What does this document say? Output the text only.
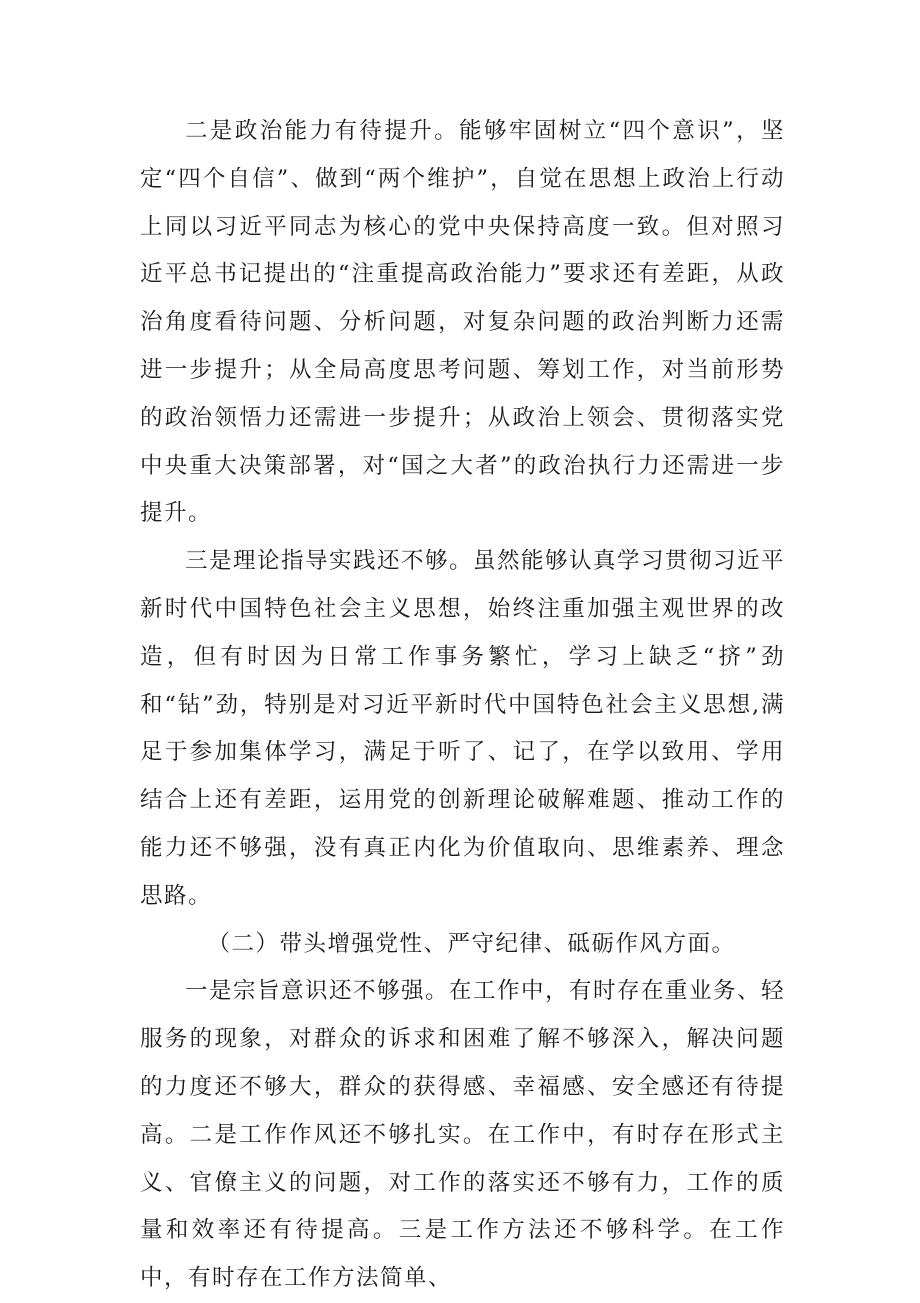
二是政治能力有待提升。能够牢固树立“四个意识”，坚定“四个自信”、做到“两个维护”，自觉在思想上政治上行动上同以习近平同志为核心的党中央保持高度一致。但对照习近平总书记提出的“注重提高政治能力”要求还有差距，从政治角度看待问题、分析问题，对复杂问题的政治判断力还需进一步提升；从全局高度思考问题、筹划工作，对当前形势的政治领悟力还需进一步提升；从政治上领会、贯彻落实党中央重大决策部署，对“国之大者”的政治执行力还需进一步提升。

三是理论指导实践还不够。虽然能够认真学习贯彻习近平新时代中国特色社会主义思想，始终注重加强主观世界的改造，但有时因为日常工作事务繁忙，学习上缺乏“挤”劲和“钻”劲，特别是对习近平新时代中国特色社会主义思想,满足于参加集体学习，满足于听了、记了，在学以致用、学用结合上还有差距，运用党的创新理论破解难题、推动工作的能力还不够强，没有真正内化为价值取向、思维素养、理念思路。

（二）带头增强党性、严守纪律、砥砺作风方面。

一是宗旨意识还不够强。在工作中，有时存在重业务、轻服务的现象，对群众的诉求和困难了解不够深入，解决问题的力度还不够大，群众的获得感、幸福感、安全感还有待提高。二是工作作风还不够扎实。在工作中，有时存在形式主义、官僚主义的问题，对工作的落实还不够有力，工作的质量和效率还有待提高。三是工作方法还不够科学。在工作中，有时存在工作方法简单、
